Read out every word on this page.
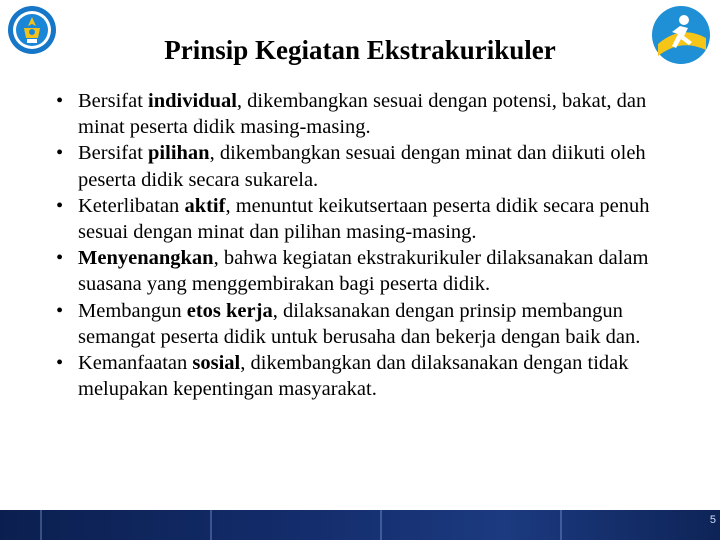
Prinsip Kegiatan Ekstrakurikuler
• Bersifat individual, dikembangkan sesuai dengan potensi, bakat, dan minat peserta didik masing-masing.
• Bersifat pilihan, dikembangkan sesuai dengan minat dan diikuti oleh peserta didik secara sukarela.
• Keterlibatan aktif, menuntut keikutsertaan peserta didik secara penuh sesuai dengan minat dan pilihan masing-masing.
• Menyenangkan, bahwa kegiatan ekstrakurikuler dilaksanakan dalam suasana yang menggembirakan bagi peserta didik.
• Membangun etos kerja, dilaksanakan dengan prinsip membangun semangat peserta didik untuk berusaha dan bekerja dengan baik dan.
• Kemanfaatan sosial, dikembangkan dan dilaksanakan dengan tidak melupakan kepentingan masyarakat.
5
